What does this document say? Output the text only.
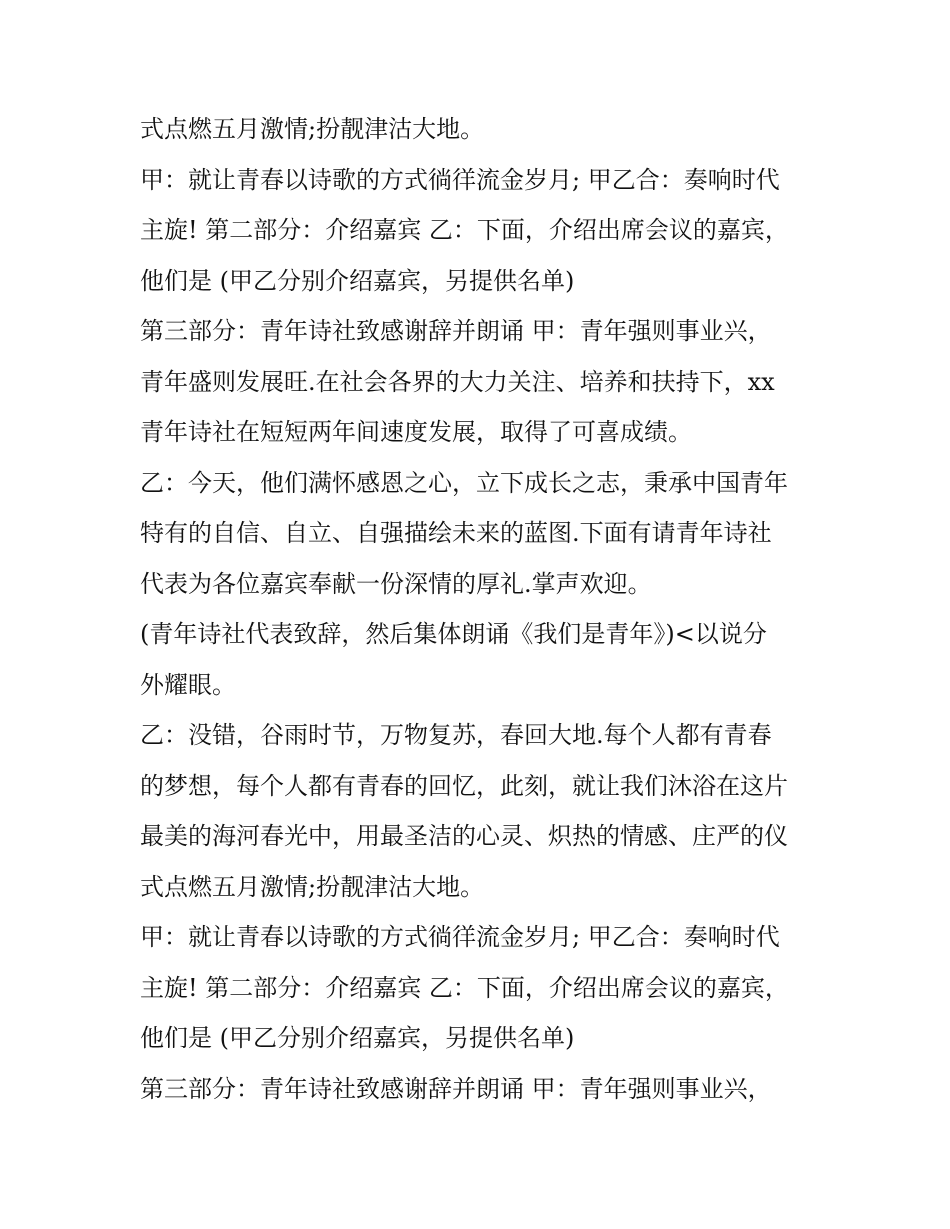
式点燃五月激情;扮靓津沽大地。
甲：就让青春以诗歌的方式徜徉流金岁月; 甲乙合：奏响时代
主旋! 第二部分：介绍嘉宾 乙：下面，介绍出席会议的嘉宾，
他们是 (甲乙分别介绍嘉宾，另提供名单)
第三部分：青年诗社致感谢辞并朗诵 甲：青年强则事业兴，
青年盛则发展旺.在社会各界的大力关注、培养和扶持下，xx
青年诗社在短短两年间速度发展，取得了可喜成绩。
乙：今天，他们满怀感恩之心，立下成长之志，秉承中国青年
特有的自信、自立、自强描绘未来的蓝图.下面有请青年诗社
代表为各位嘉宾奉献一份深情的厚礼.掌声欢迎。
(青年诗社代表致辞，然后集体朗诵《我们是青年》)<以说分
外耀眼。
乙：没错，谷雨时节，万物复苏，春回大地.每个人都有青春
的梦想，每个人都有青春的回忆，此刻，就让我们沐浴在这片
最美的海河春光中，用最圣洁的心灵、炽热的情感、庄严的仪
式点燃五月激情;扮靓津沽大地。
甲：就让青春以诗歌的方式徜徉流金岁月; 甲乙合：奏响时代
主旋! 第二部分：介绍嘉宾 乙：下面，介绍出席会议的嘉宾，
他们是 (甲乙分别介绍嘉宾，另提供名单)
第三部分：青年诗社致感谢辞并朗诵 甲：青年强则事业兴，
